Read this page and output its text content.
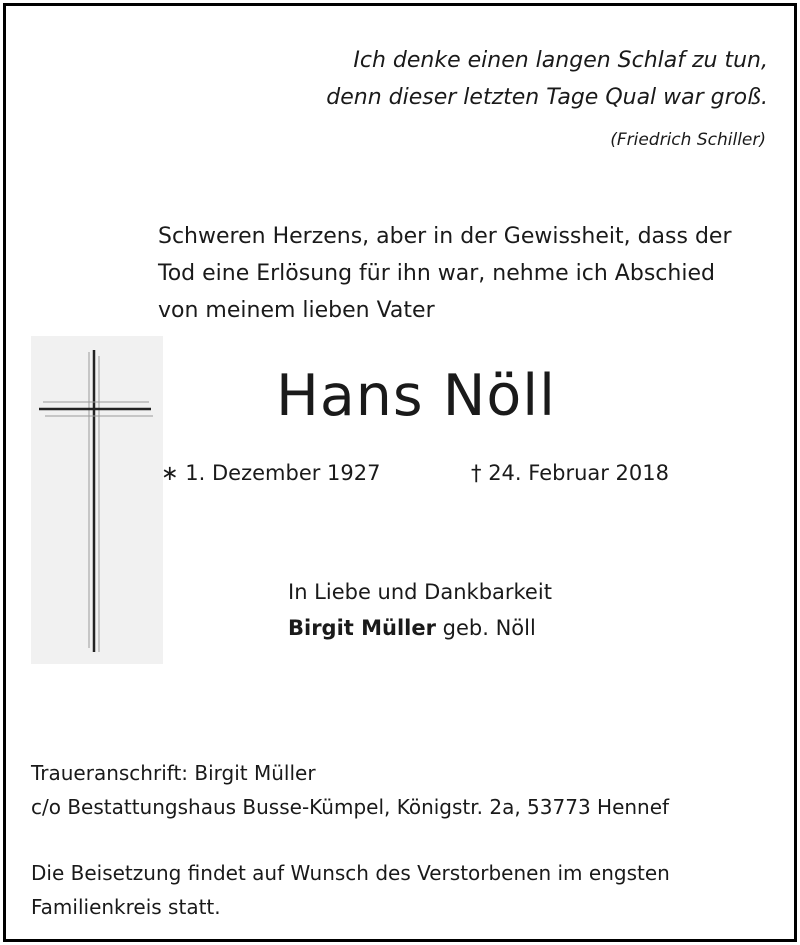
Ich denke einen langen Schlaf zu tun,
denn dieser letzten Tage Qual war groß.
(Friedrich Schiller)
Schweren Herzens, aber in der Gewissheit, dass der
Tod eine Erlösung für ihn war, nehme ich Abschied
von meinem lieben Vater
Hans Nöll
∗ 1. Dezember 1927	† 24. Februar 2018
In Liebe und Dankbarkeit
Birgit Müller geb. Nöll
Traueranschrift: Birgit Müller
c/o Bestattungshaus Busse-Kümpel, Königstr. 2a, 53773 Hennef
Die Beisetzung findet auf Wunsch des Verstorbenen im engsten
Familienkreis statt.
